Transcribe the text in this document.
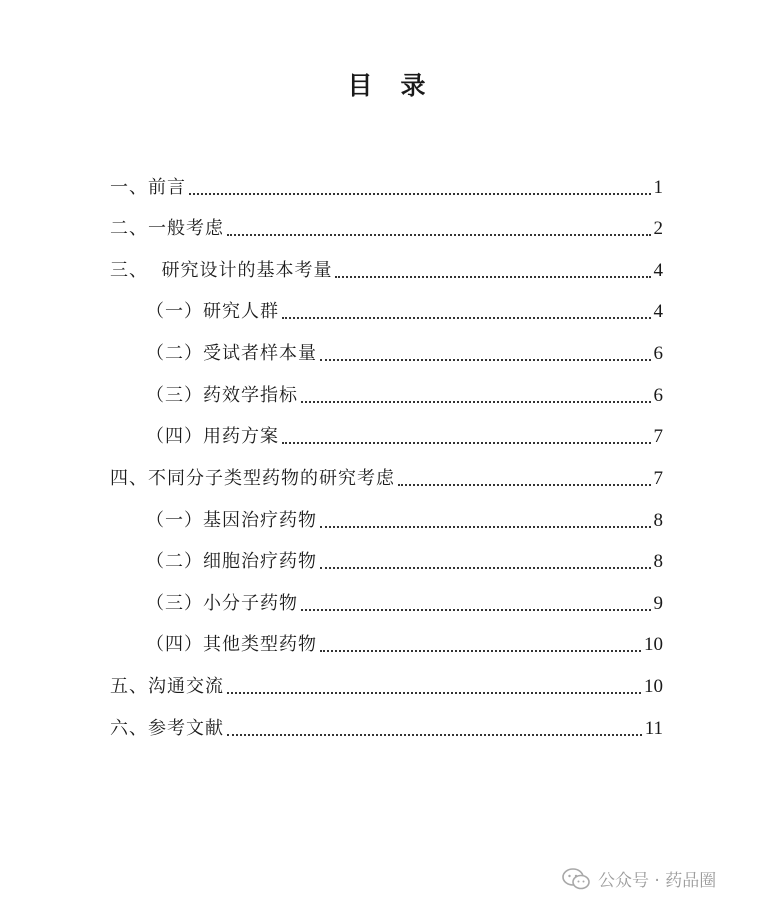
目 录
一、前言	1
二、一般考虑	2
三、  研究设计的基本考量	4
（一）研究人群	4
（二）受试者样本量	6
（三）药效学指标	6
（四）用药方案	7
四、不同分子类型药物的研究考虑	7
（一）基因治疗药物	8
（二）细胞治疗药物	8
（三）小分子药物	9
（四）其他类型药物	10
五、沟通交流	10
六、参考文献	11
公众号 · 药品圈
